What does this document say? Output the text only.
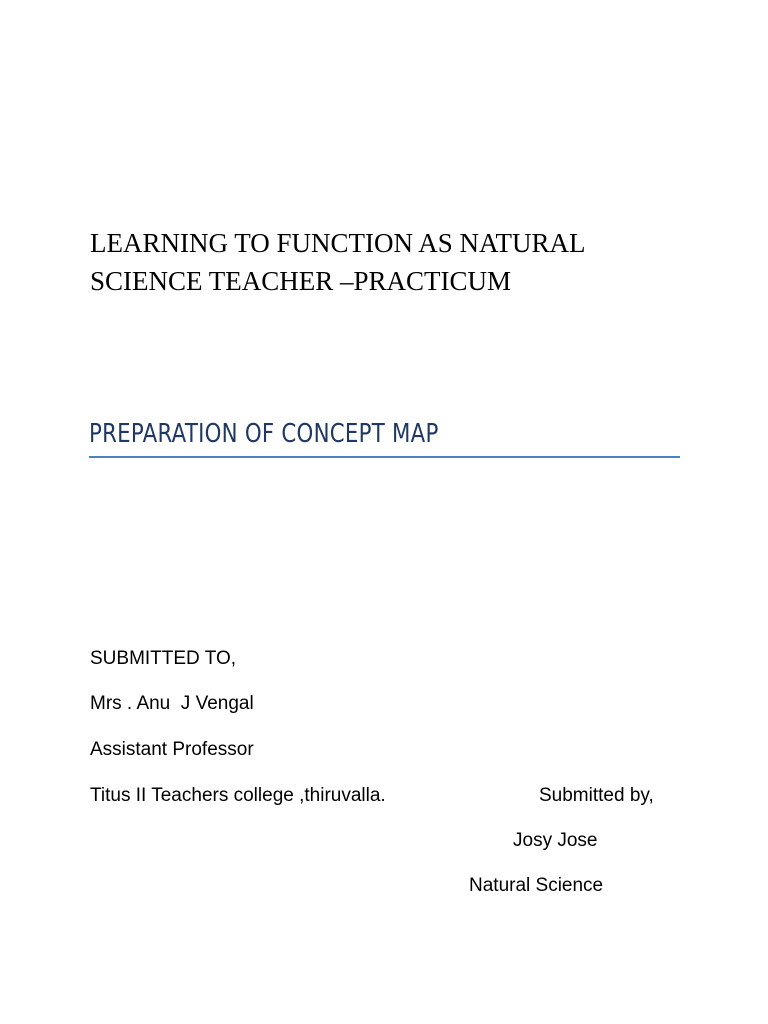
LEARNING TO FUNCTION AS NATURAL
SCIENCE TEACHER –PRACTICUM
PREPARATION OF CONCEPT MAP
SUBMITTED TO,
Mrs . Anu  J Vengal
Assistant Professor
Titus II Teachers college ,thiruvalla.	Submitted by,
Josy Jose
Natural Science
